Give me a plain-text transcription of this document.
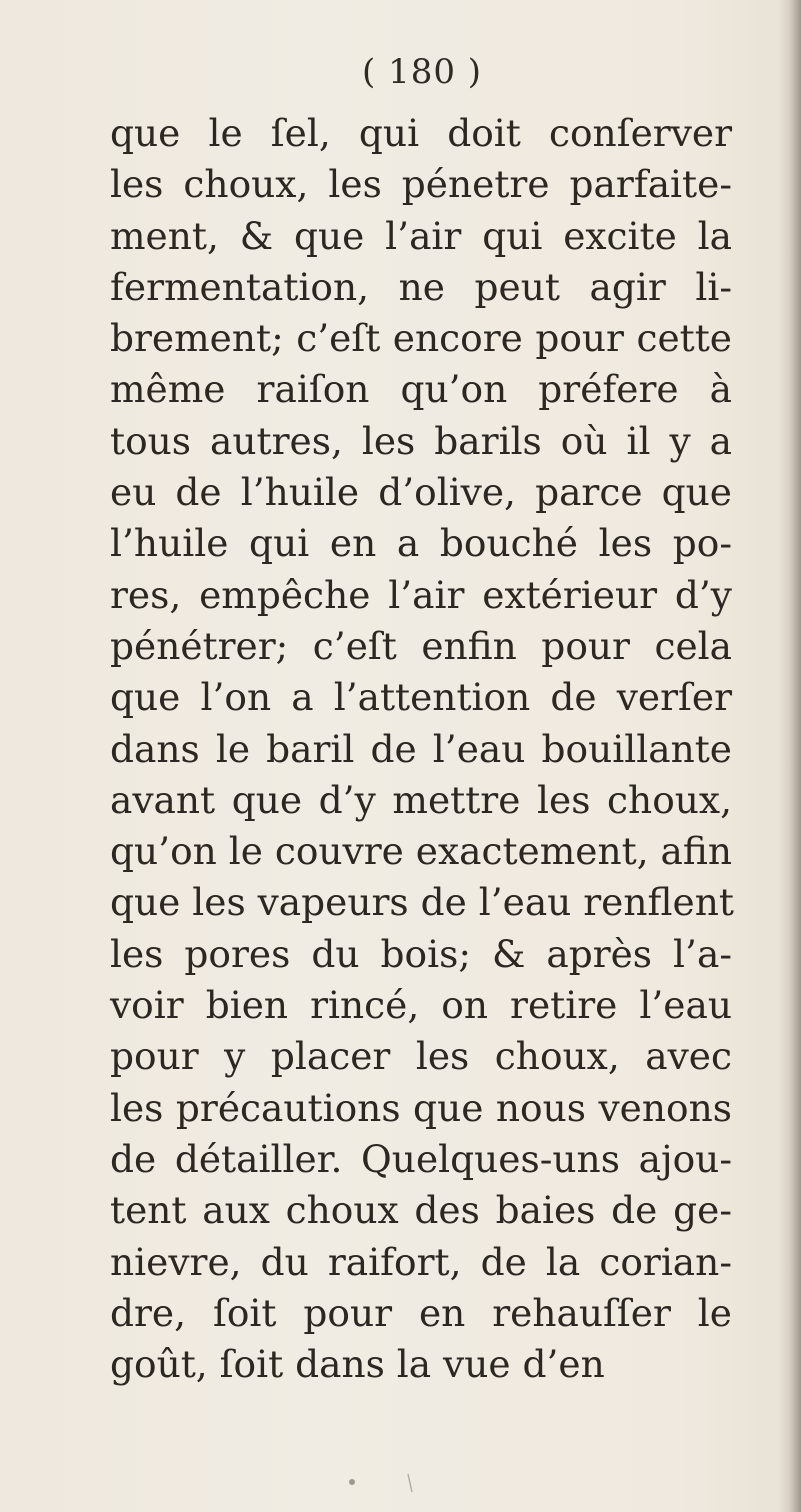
( 180 )
que le ſel, qui doit conſerver
les choux, les pénetre parfaite-
ment, & que l’air qui excite la
fermentation, ne peut agir li-
brement; c’eſt encore pour cette
même raiſon qu’on préfere à
tous autres, les barils où il y a
eu de l’huile d’olive, parce que
l’huile qui en a bouché les po-
res, empêche l’air extérieur d’y
pénétrer; c’eſt enfin pour cela
que l’on a l’attention de verſer
dans le baril de l’eau bouillante
avant que d’y mettre les choux,
qu’on le couvre exactement, afin
que les vapeurs de l’eau renflent
les pores du bois; & après l’a-
voir bien rincé, on retire l’eau
pour y placer les choux, avec
les précautions que nous venons
de détailler. Quelques-uns ajou-
tent aux choux des baies de ge-
nievre, du raifort, de la corian-
dre, ſoit pour en rehauſſer le
goût, ſoit dans la vue d’en
